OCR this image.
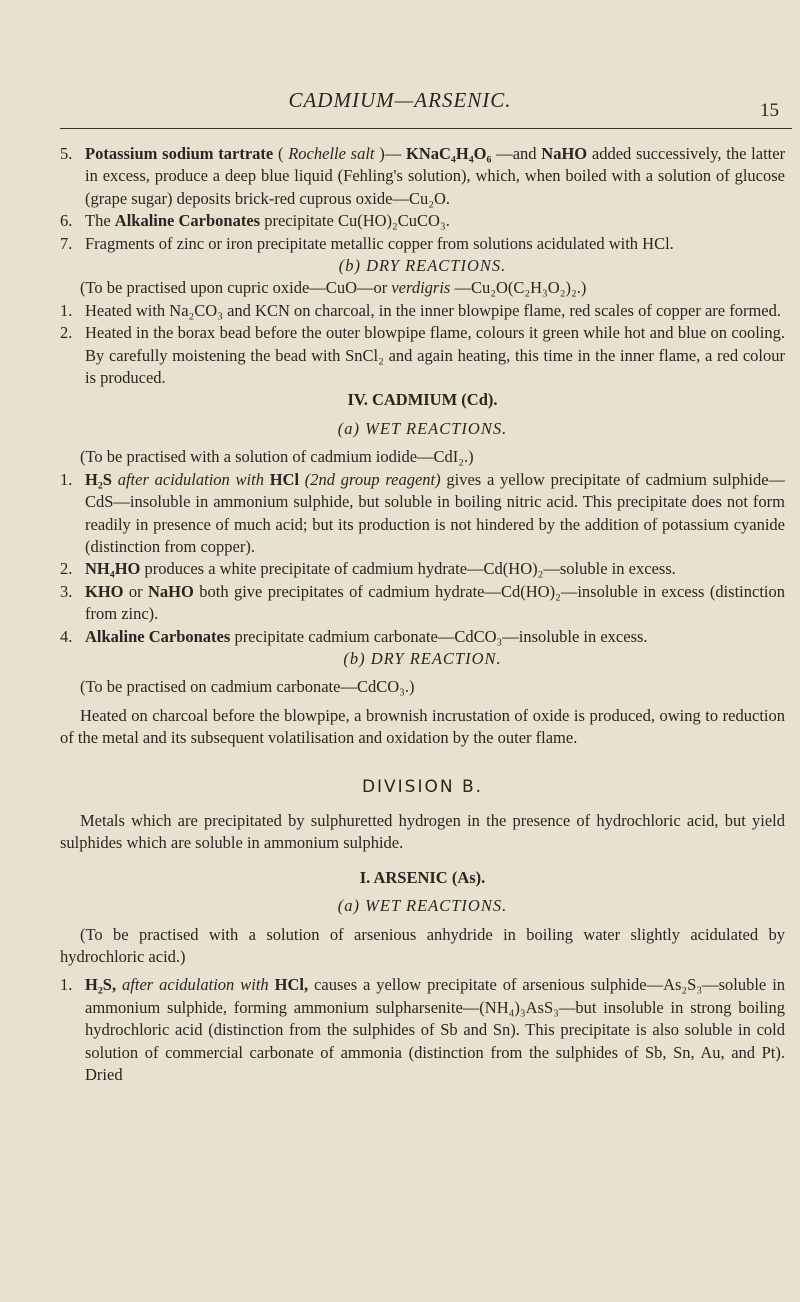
CADMIUM—ARSENIC.	15
5. Potassium sodium tartrate ( Rochelle salt )— KNaC₄H₄O₆ —and NaHO added successively, the latter in excess, produce a deep blue liquid (Fehling's solution), which, when boiled with a solution of glucose (grape sugar) deposits brick-red cuprous oxide—Cu₂O.
6. The Alkaline Carbonates precipitate Cu(HO)₂CuCO₃.
7. Fragments of zinc or iron precipitate metallic copper from solutions acidulated with HCl.
(b) DRY REACTIONS.
(To be practised upon cupric oxide—CuO—or verdigris —Cu₂O(C₂H₃O₂)₂.)
1. Heated with Na₂CO₃ and KCN on charcoal, in the inner blowpipe flame, red scales of copper are formed.
2. Heated in the borax bead before the outer blowpipe flame, colours it green while hot and blue on cooling. By carefully moistening the bead with SnCl₂ and again heating, this time in the inner flame, a red colour is produced.
IV. CADMIUM (Cd).
(a) WET REACTIONS.
(To be practised with a solution of cadmium iodide—CdI₂.)
1. H₂S after acidulation with HCl (2nd group reagent) gives a yellow precipitate of cadmium sulphide—CdS—insoluble in ammonium sulphide, but soluble in boiling nitric acid. This precipitate does not form readily in presence of much acid; but its production is not hindered by the addition of potassium cyanide (distinction from copper).
2. NH₄HO produces a white precipitate of cadmium hydrate—Cd(HO)₂—soluble in excess.
3. KHO or NaHO both give precipitates of cadmium hydrate—Cd(HO)₂—insoluble in excess (distinction from zinc).
4. Alkaline Carbonates precipitate cadmium carbonate—CdCO₃—insoluble in excess.
(b) DRY REACTION.
(To be practised on cadmium carbonate—CdCO₃.)
Heated on charcoal before the blowpipe, a brownish incrustation of oxide is produced, owing to reduction of the metal and its subsequent volatilisation and oxidation by the outer flame.
DIVISION B.
Metals which are precipitated by sulphuretted hydrogen in the presence of hydrochloric acid, but yield sulphides which are soluble in ammonium sulphide.
I. ARSENIC (As).
(a) WET REACTIONS.
(To be practised with a solution of arsenious anhydride in boiling water slightly acidulated by hydrochloric acid.)
1. H₂S, after acidulation with HCl, causes a yellow precipitate of arsenious sulphide—As₂S₃—soluble in ammonium sulphide, forming ammonium sulpharsenite—(NH₄)₃AsS₃—but insoluble in strong boiling hydrochloric acid (distinction from the sulphides of Sb and Sn). This precipitate is also soluble in cold solution of commercial carbonate of ammonia (distinction from the sulphides of Sb, Sn, Au, and Pt). Dried
